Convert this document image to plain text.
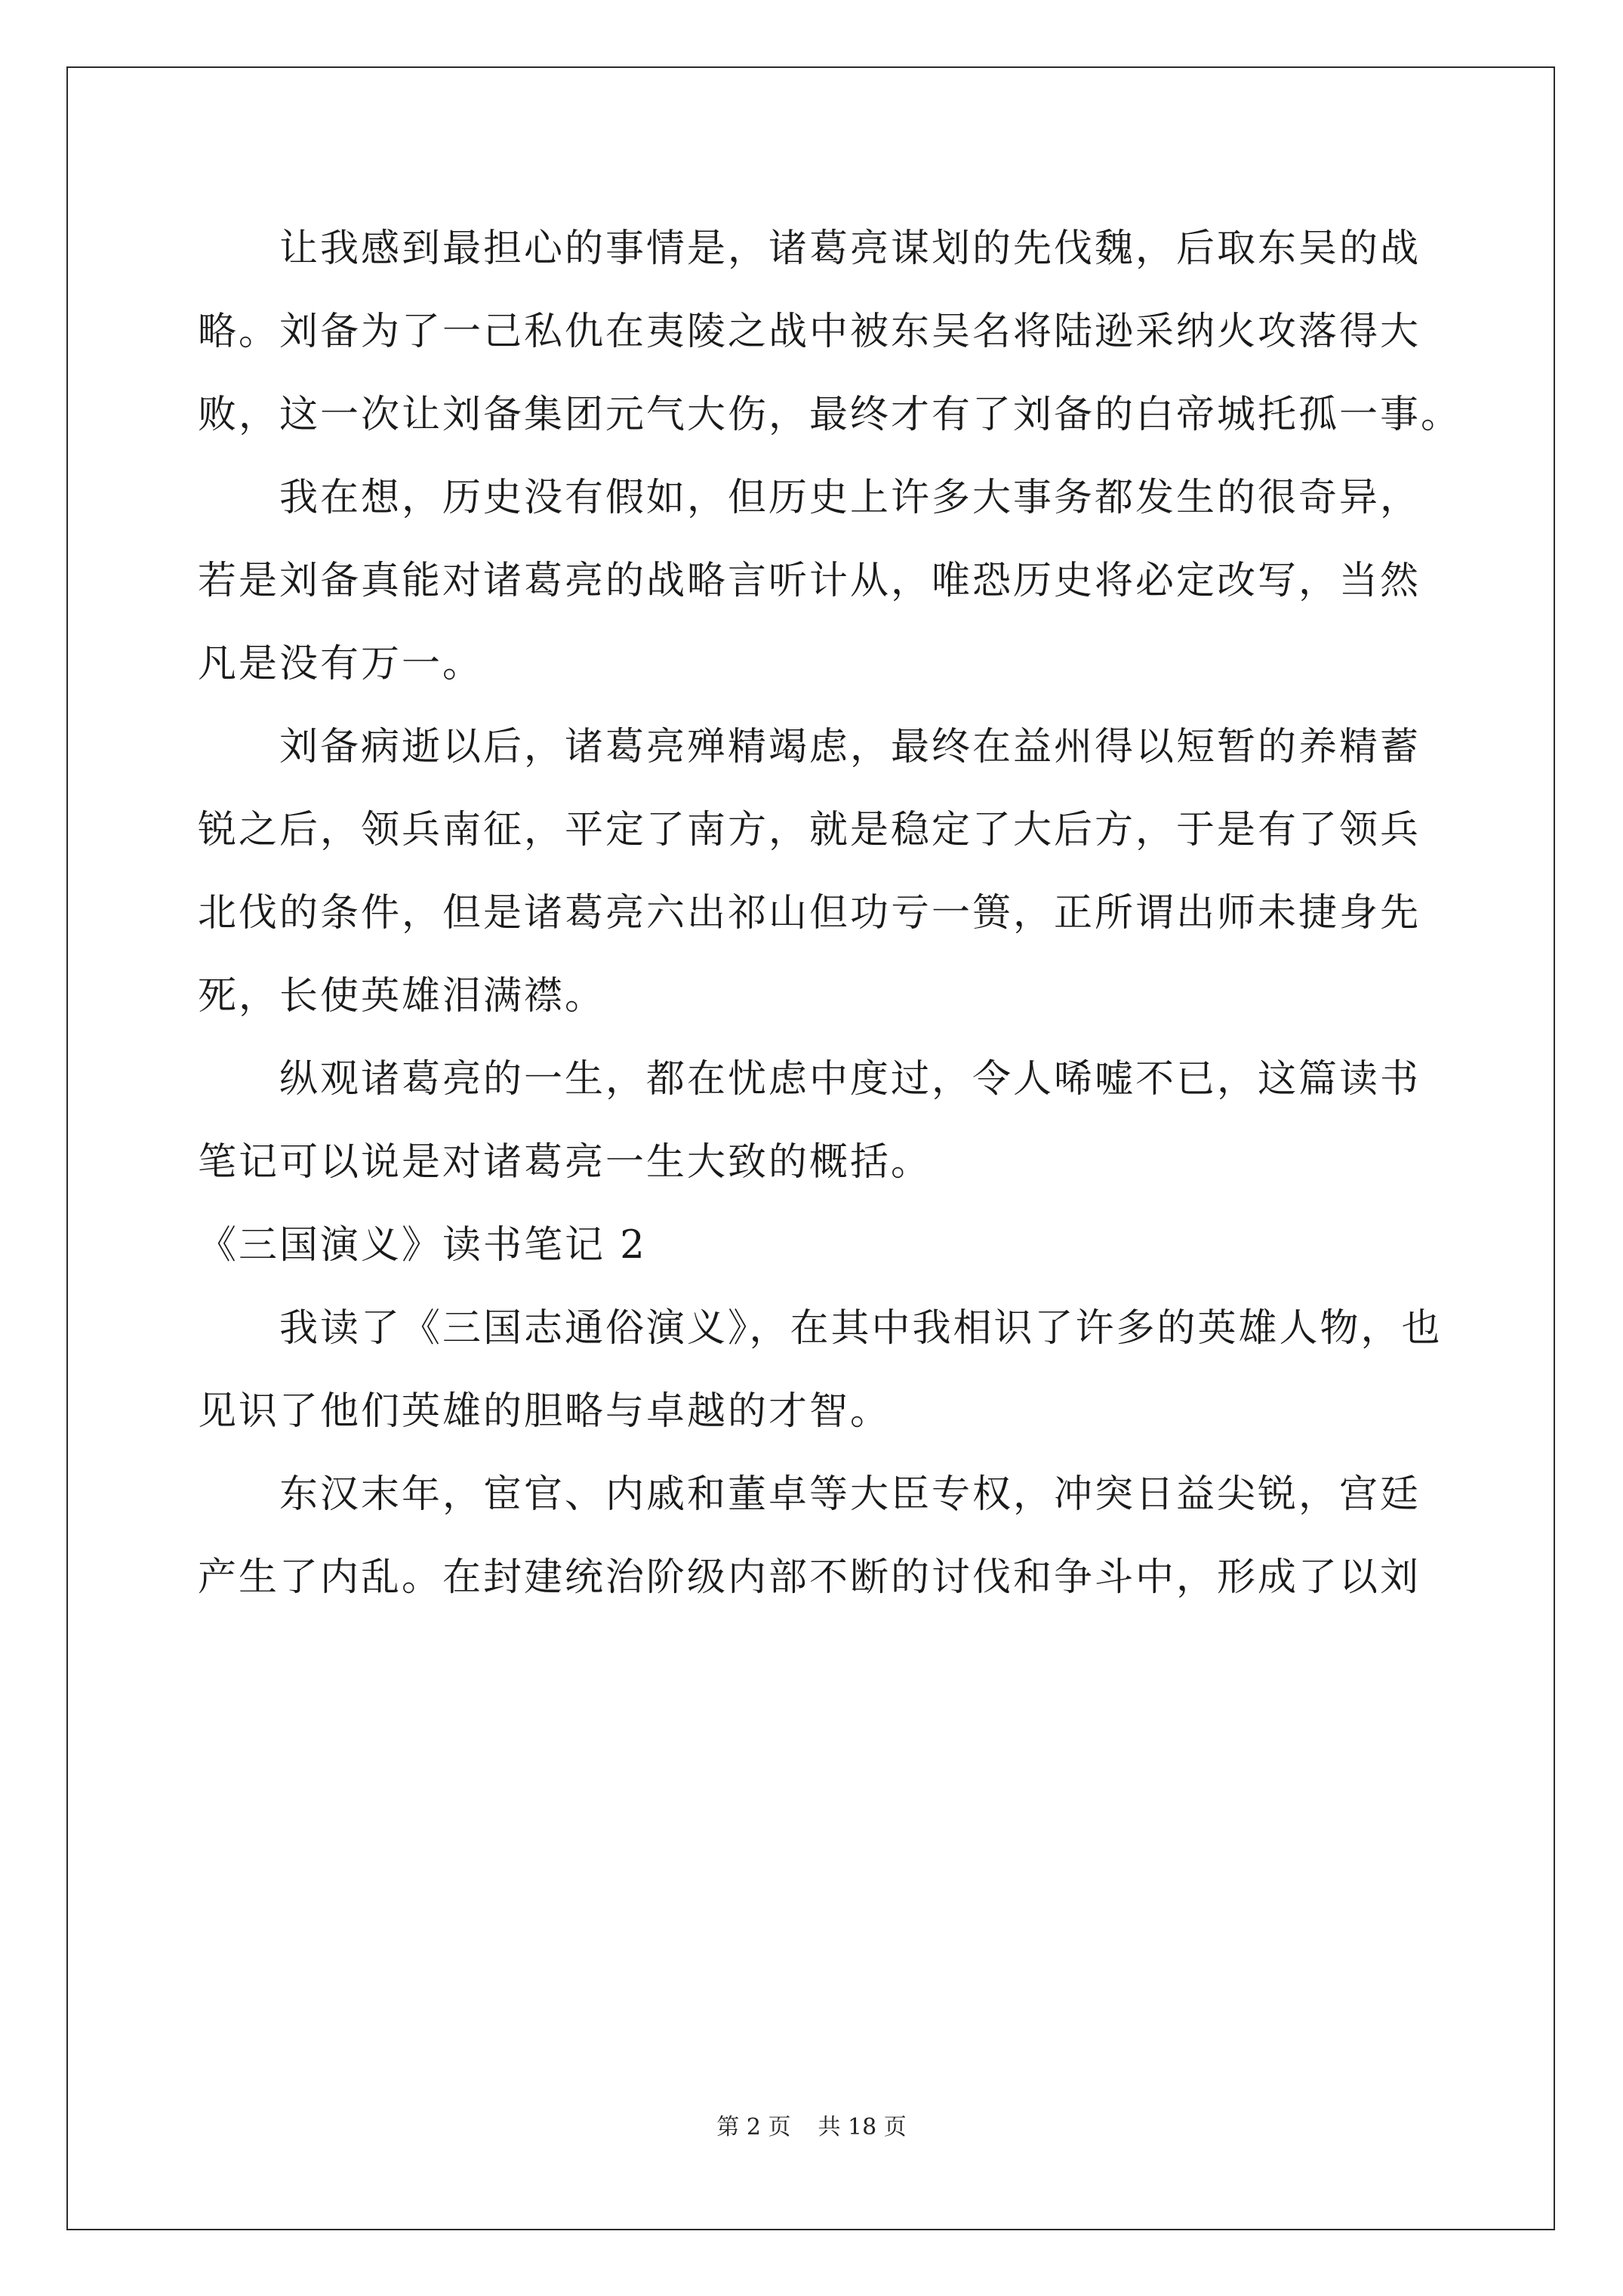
让我感到最担心的事情是，诸葛亮谋划的先伐魏，后取东吴的战
略。刘备为了一己私仇在夷陵之战中被东吴名将陆逊采纳火攻落得大
败，这一次让刘备集团元气大伤，最终才有了刘备的白帝城托孤一事。
我在想，历史没有假如，但历史上许多大事务都发生的很奇异，
若是刘备真能对诸葛亮的战略言听计从，唯恐历史将必定改写，当然
凡是没有万一。
刘备病逝以后，诸葛亮殚精竭虑，最终在益州得以短暂的养精蓄
锐之后，领兵南征，平定了南方，就是稳定了大后方，于是有了领兵
北伐的条件，但是诸葛亮六出祁山但功亏一篑，正所谓出师未捷身先
死，长使英雄泪满襟。
纵观诸葛亮的一生，都在忧虑中度过，令人唏嘘不已，这篇读书
笔记可以说是对诸葛亮一生大致的概括。
《三国演义》读书笔记 2
我读了《三国志通俗演义》，在其中我相识了许多的英雄人物，也
见识了他们英雄的胆略与卓越的才智。
东汉末年，宦官、内戚和董卓等大臣专权，冲突日益尖锐，宫廷
产生了内乱。在封建统治阶级内部不断的讨伐和争斗中，形成了以刘
第 2 页 共 18 页
